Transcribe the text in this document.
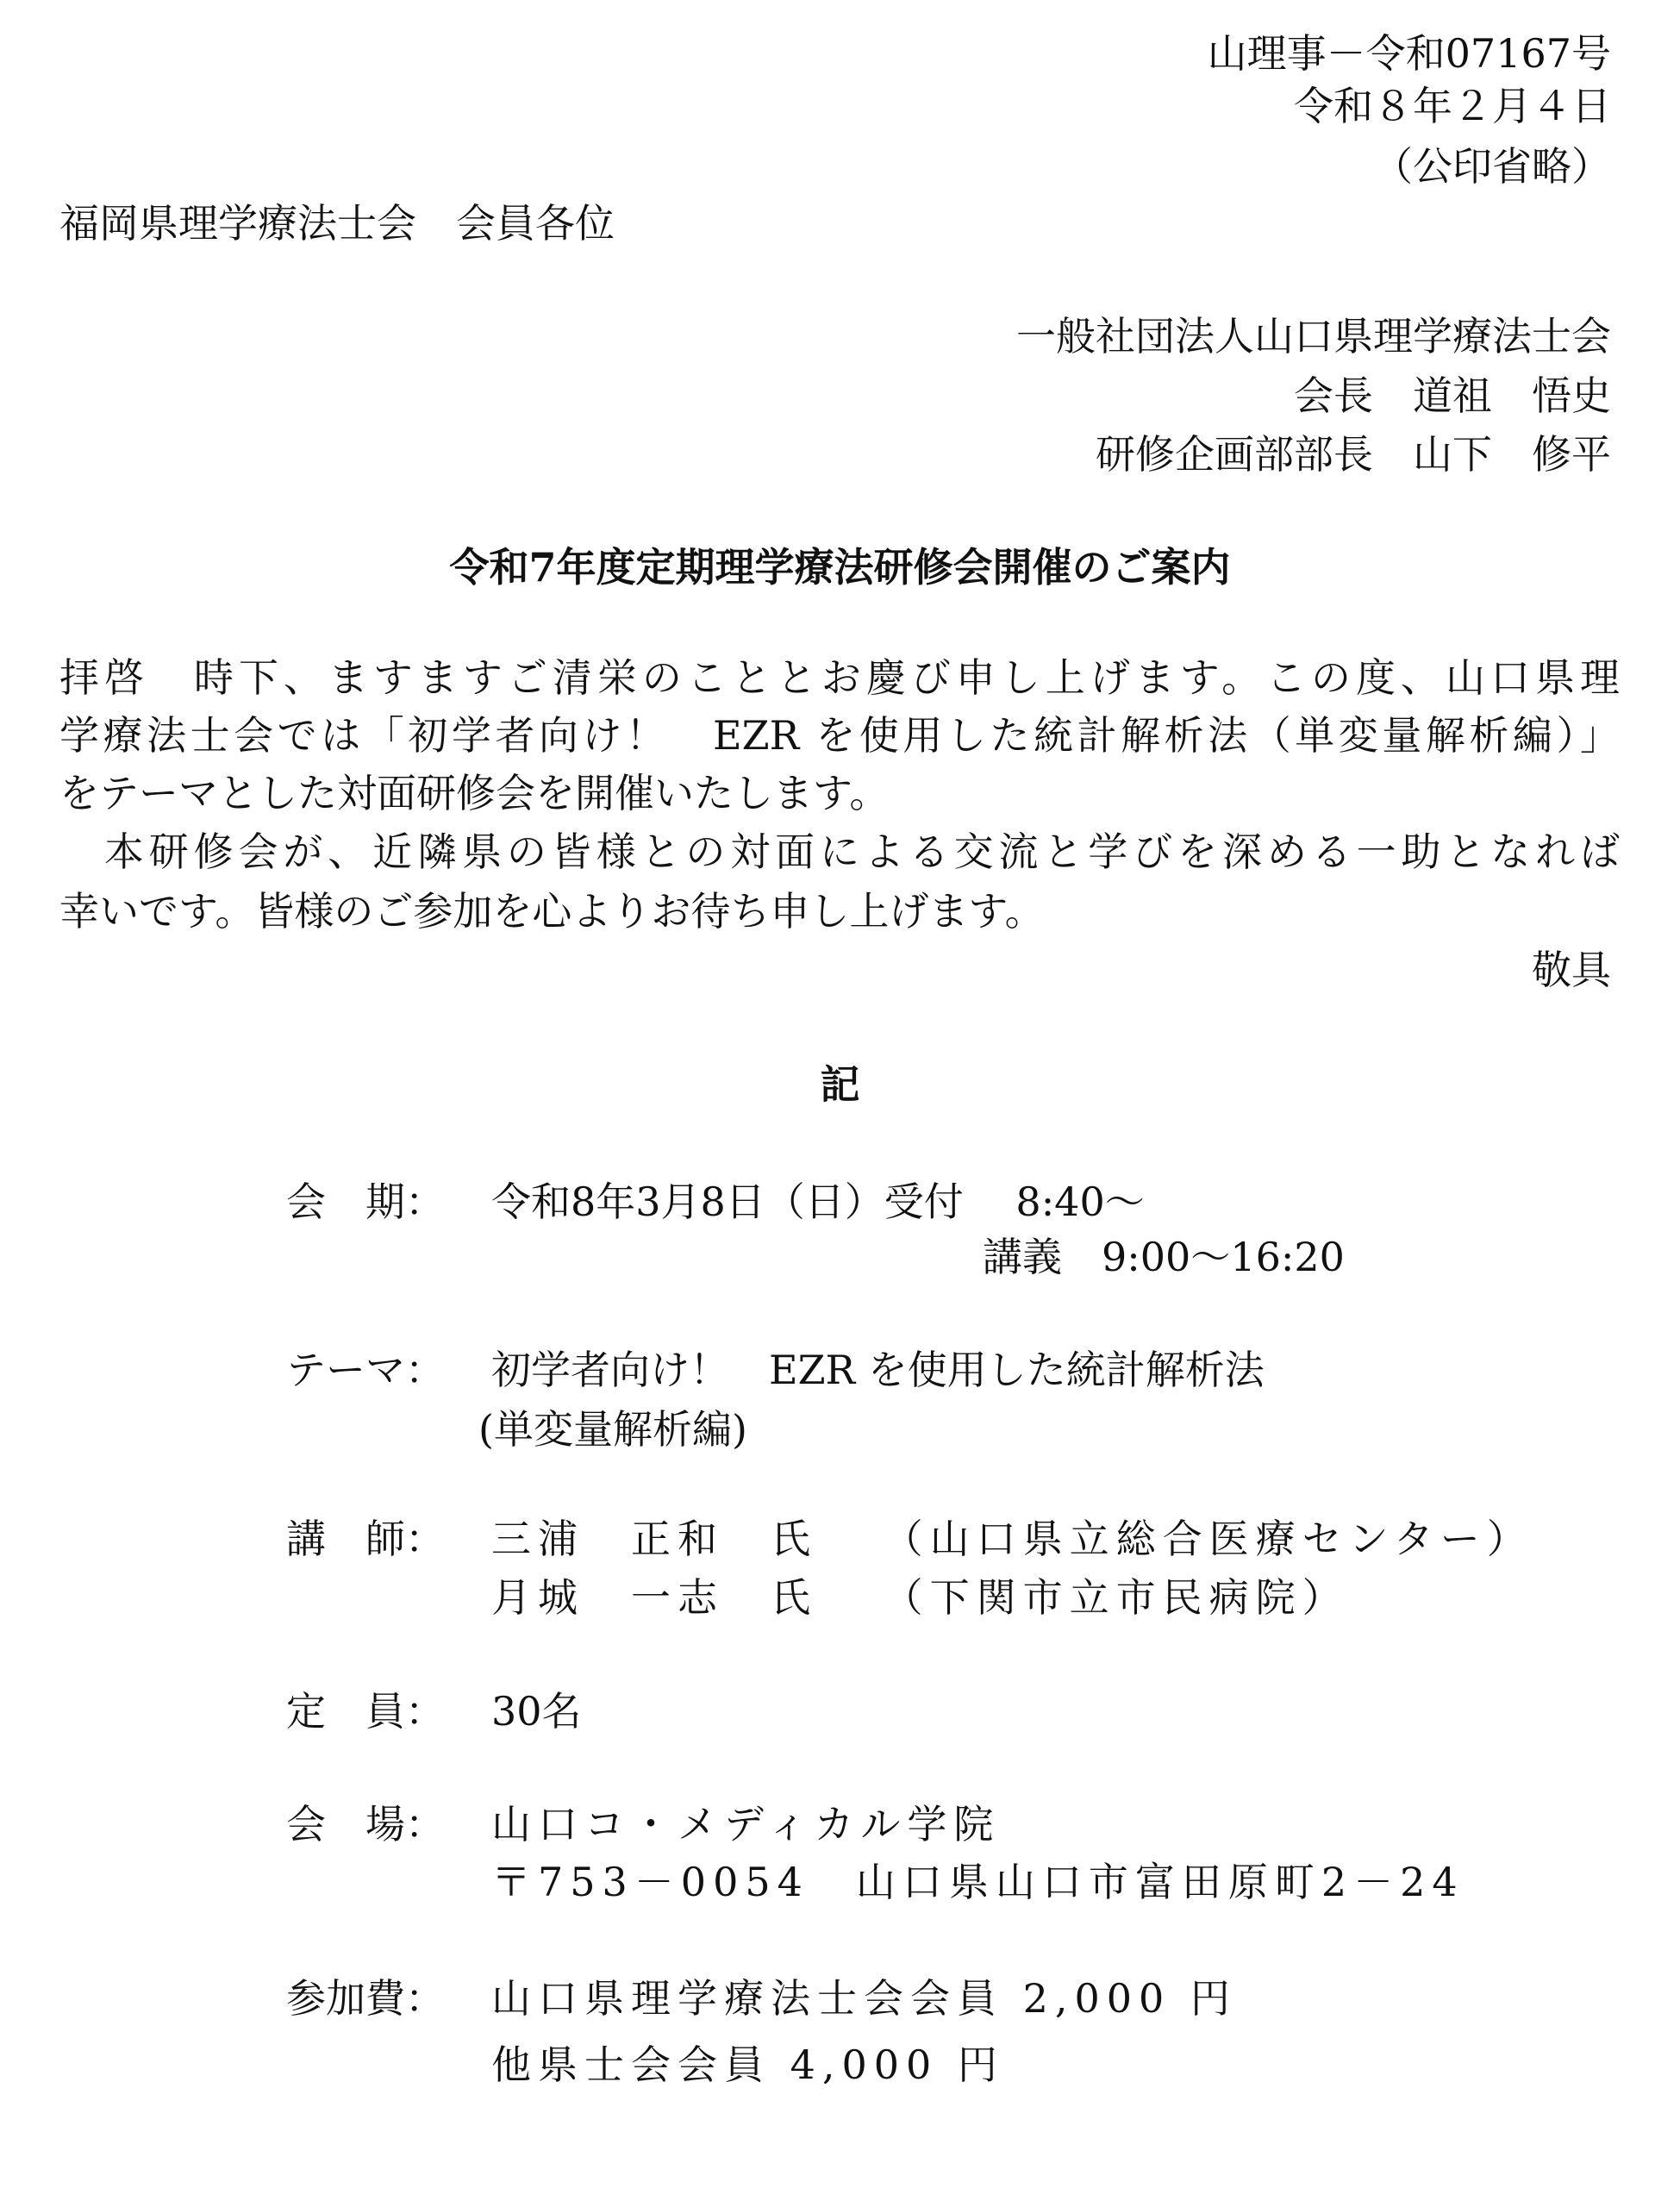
山理事－令和07167号
令和８年２月４日
（公印省略）
福岡県理学療法士会　会員各位
一般社団法人山口県理学療法士会
会長　道祖　悟史
研修企画部部長　山下　修平
令和7年度定期理学療法研修会開催のご案内
拝啓　時下、ますますご清栄のこととお慶び申し上げます。この度、山口県理
学療法士会では「初学者向け！　EZR を使用した統計解析法（単変量解析編）」
をテーマとした対面研修会を開催いたします。
　本研修会が、近隣県の皆様との対面による交流と学びを深める一助となれば
幸いです。皆様のご参加を心よりお待ち申し上げます。
敬具
記
会　期： 令和8年3月8日（日）受付　 8:40～
講義　9:00～16:20
テーマ： 初学者向け！　EZR を使用した統計解析法
(単変量解析編)
講　師： 三浦　正和　氏　 （山口県立総合医療センター）
月城　一志　氏　 （下関市立市民病院）
定　員： 30名
会　場： 山口コ・メディカル学院
〒753－0054　山口県山口市富田原町2－24
参加費： 山口県理学療法士会会員 2,000 円
他県士会会員 4,000 円
